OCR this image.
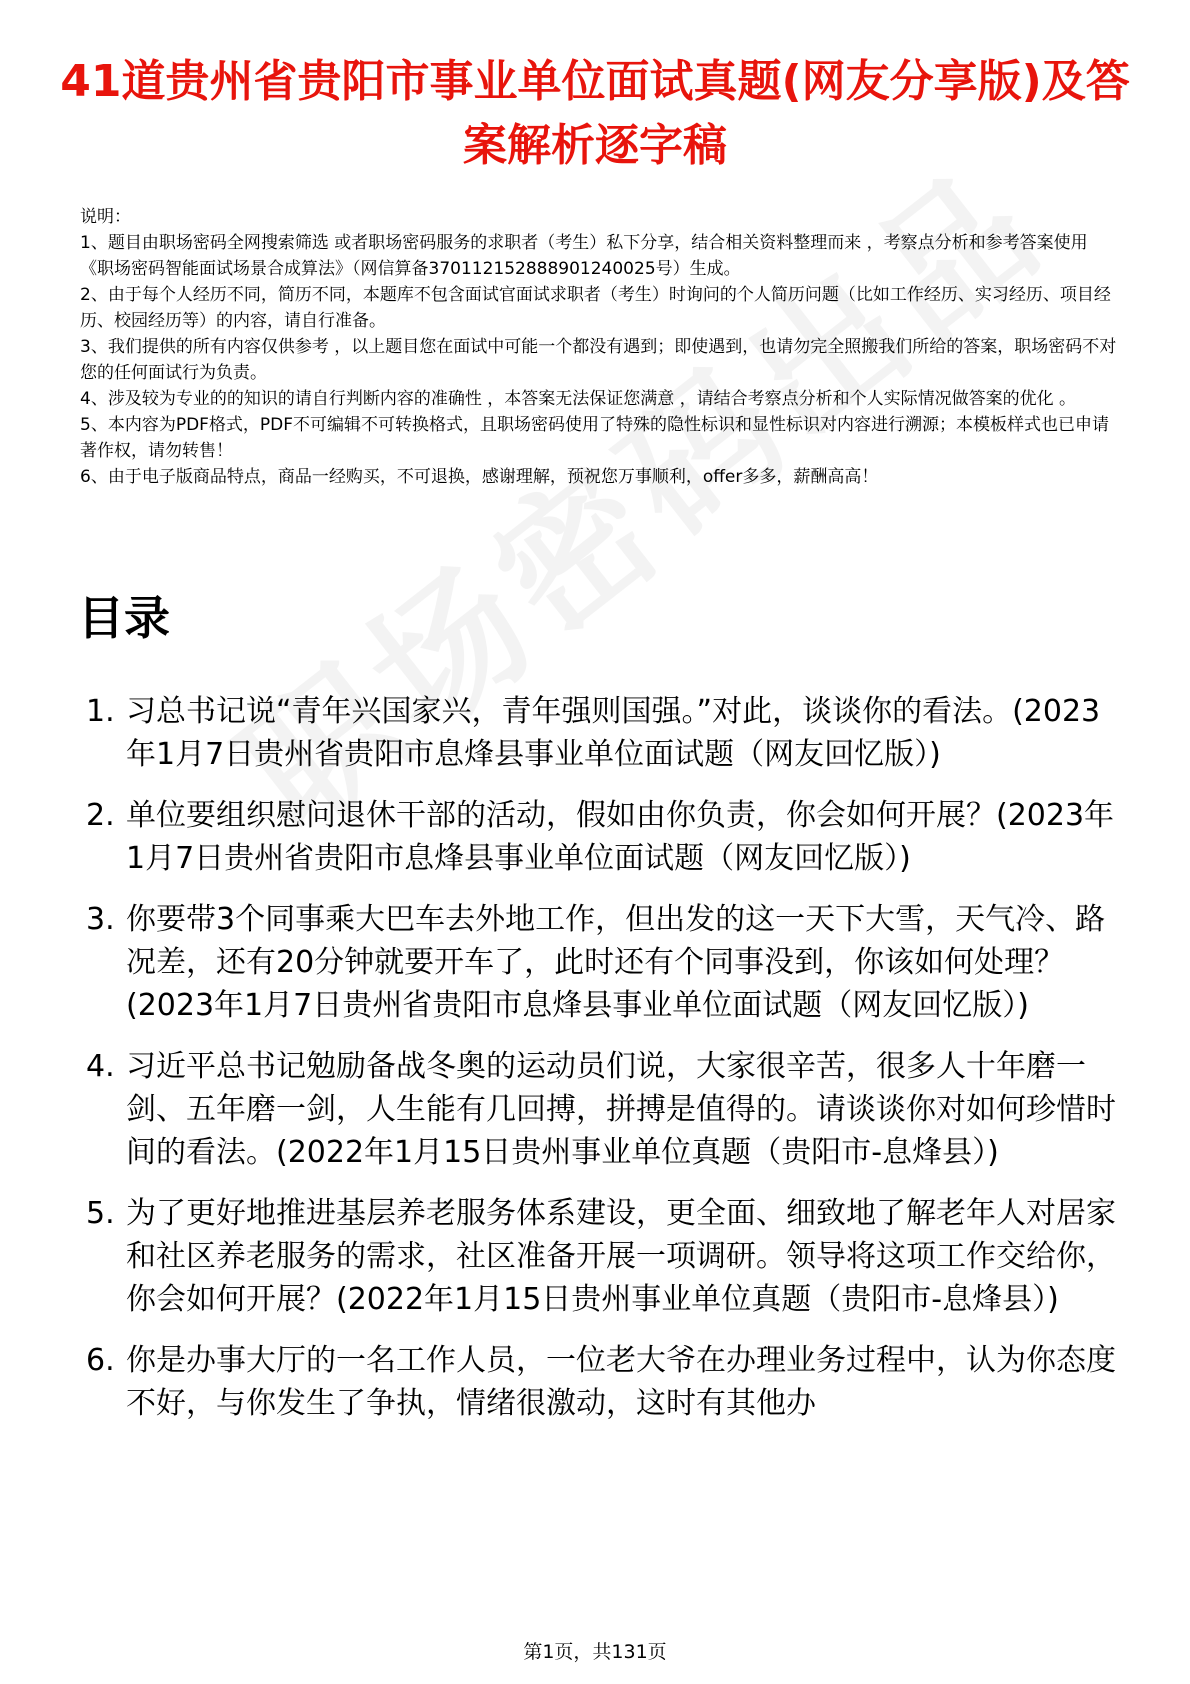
41道贵州省贵阳市事业单位面试真题(网友分享版)及答案解析逐字稿

说明：

1、题目由职场密码全网搜索筛选 或者职场密码服务的求职者（考生）私下分享，结合相关资料整理而来 ，考察点分析和参考答案使用《职场密码智能面试场景合成算法》（网信算备370112152888901240025号）生成。

2、由于每个人经历不同，简历不同，本题库不包含面试官面试求职者（考生）时询问的个人简历问题（比如工作经历、实习经历、项目经历、校园经历等）的内容，请自行准备。

3、我们提供的所有内容仅供参考 ，以上题目您在面试中可能一个都没有遇到；即使遇到，也请勿完全照搬我们所给的答案，职场密码不对您的任何面试行为负责。

4、涉及较为专业的的知识的请自行判断内容的准确性 ，本答案无法保证您满意 ，请结合考察点分析和个人实际情况做答案的优化 。

5、本内容为PDF格式，PDF不可编辑不可转换格式，且职场密码使用了特殊的隐性标识和显性标识对内容进行溯源；本模板样式也已申请著作权，请勿转售！

6、由于电子版商品特点，商品一经购买，不可退换，感谢理解，预祝您万事顺利，offer多多，薪酬高高！

目录
1. 习总书记说“青年兴国家兴，青年强则国强。”对此，谈谈你的看法。(2023年1月7日贵州省贵阳市息烽县事业单位面试题（网友回忆版）)
2. 单位要组织慰问退休干部的活动，假如由你负责，你会如何开展？(2023年1月7日贵州省贵阳市息烽县事业单位面试题（网友回忆版）)
3. 你要带3个同事乘大巴车去外地工作，但出发的这一天下大雪，天气冷、路况差，还有20分钟就要开车了，此时还有个同事没到，你该如何处理？(2023年1月7日贵州省贵阳市息烽县事业单位面试题（网友回忆版）)
4. 习近平总书记勉励备战冬奥的运动员们说，大家很辛苦，很多人十年磨一剑、五年磨一剑，人生能有几回搏，拼搏是值得的。请谈谈你对如何珍惜时间的看法。(2022年1月15日贵州事业单位真题（贵阳市-息烽县）)
5. 为了更好地推进基层养老服务体系建设，更全面、细致地了解老年人对居家和社区养老服务的需求，社区准备开展一项调研。领导将这项工作交给你，你会如何开展？(2022年1月15日贵州事业单位真题（贵阳市-息烽县）)
6. 你是办事大厅的一名工作人员，一位老大爷在办理业务过程中，认为你态度不好，与你发生了争执，情绪很激动，这时有其他办
第1页，共131页
